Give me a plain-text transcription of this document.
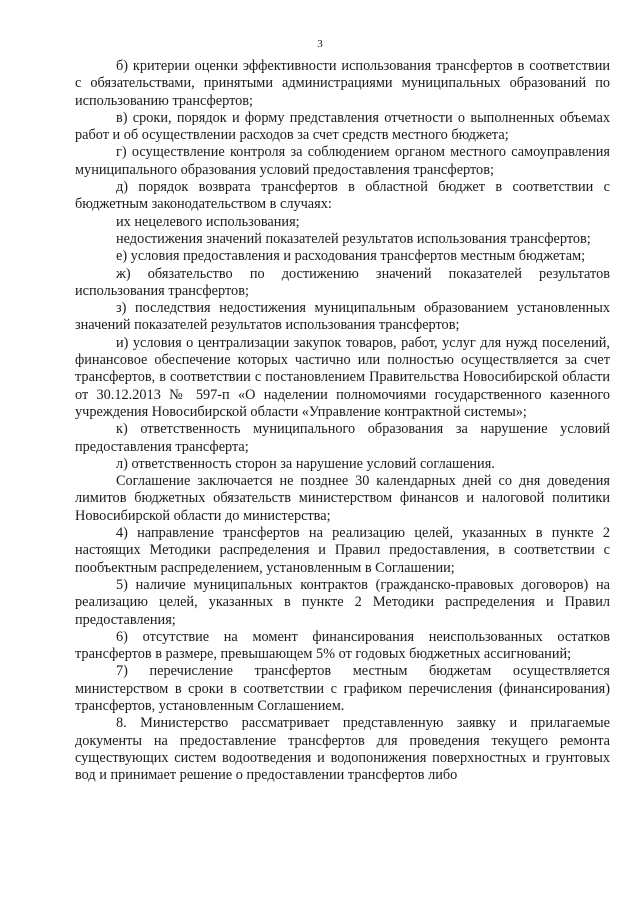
3

б) критерии оценки эффективности использования трансфертов в соответствии с обязательствами, принятыми администрациями муниципальных образований по использованию трансфертов;

в) сроки, порядок и форму представления отчетности о выполненных объемах работ и об осуществлении расходов за счет средств местного бюджета;

г) осуществление контроля за соблюдением органом местного самоуправления муниципального образования условий предоставления трансфертов;

д) порядок возврата трансфертов в областной бюджет в соответствии с бюджетным законодательством в случаях:

их нецелевого использования;

недостижения значений показателей результатов использования трансфертов;

е) условия предоставления и расходования трансфертов местным бюджетам;

ж) обязательство по достижению значений показателей результатов использования трансфертов;

з) последствия недостижения муниципальным образованием установленных значений показателей результатов использования трансфертов;

и) условия о централизации закупок товаров, работ, услуг для нужд поселений, финансовое обеспечение которых частично или полностью осуществляется за счет трансфертов, в соответствии с постановлением Правительства Новосибирской области от 30.12.2013 № 597-п «О наделении полномочиями государственного казенного учреждения Новосибирской области «Управление контрактной системы»;

к) ответственность муниципального образования за нарушение условий предоставления трансферта;

л) ответственность сторон за нарушение условий соглашения.

Соглашение заключается не позднее 30 календарных дней со дня доведения лимитов бюджетных обязательств министерством финансов и налоговой политики Новосибирской области до министерства;

4) направление трансфертов на реализацию целей, указанных в пункте 2 настоящих Методики распределения и Правил предоставления, в соответствии с пообъектным распределением, установленным в Соглашении;

5) наличие муниципальных контрактов (гражданско-правовых договоров) на реализацию целей, указанных в пункте 2 Методики распределения и Правил предоставления;

6) отсутствие на момент финансирования неиспользованных остатков трансфертов в размере, превышающем 5% от годовых бюджетных ассигнований;

7) перечисление трансфертов местным бюджетам осуществляется министерством в сроки в соответствии с графиком перечисления (финансирования) трансфертов, установленным Соглашением.

8. Министерство рассматривает представленную заявку и прилагаемые документы на предоставление трансфертов для проведения текущего ремонта существующих систем водоотведения и водопонижения поверхностных и грунтовых вод и принимает решение о предоставлении трансфертов либо
